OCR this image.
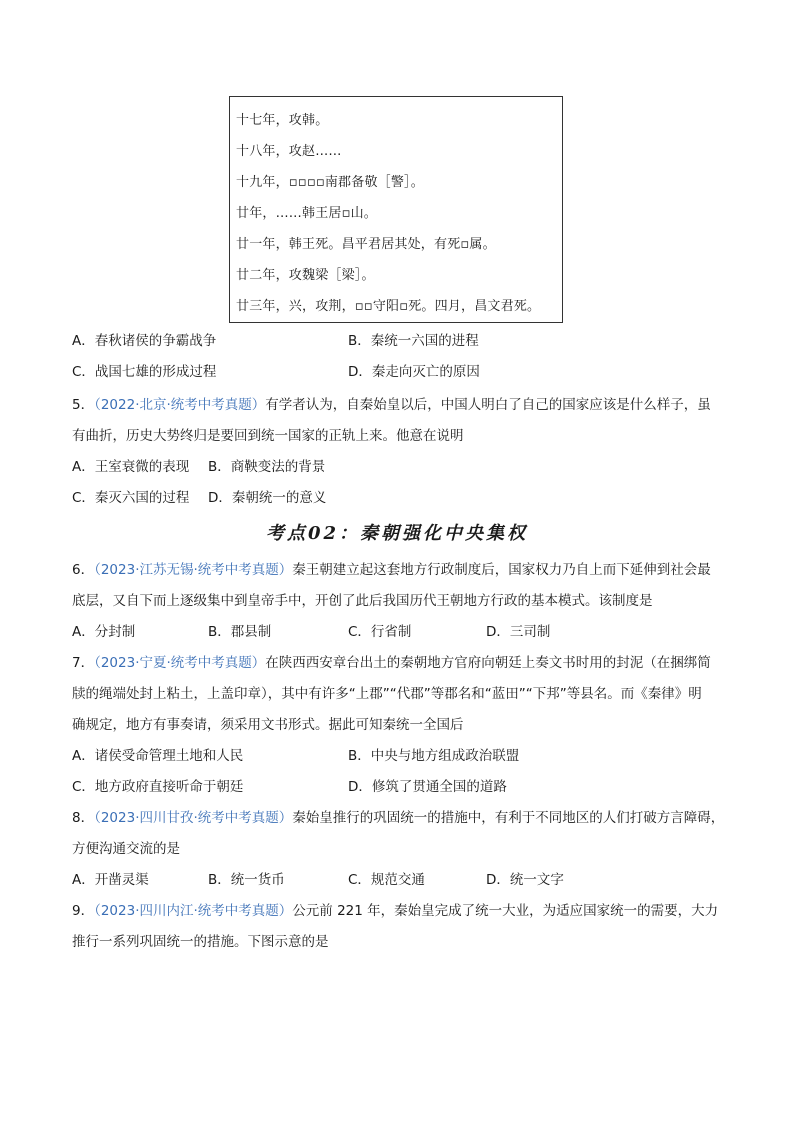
十七年，攻韩。
十八年，攻赵……
十九年，▫▫▫▫南郡备敬［警］。
廿年，……韩王居▫山。
廿一年，韩王死。昌平君居其处，有死▫属。
廿二年，攻魏梁［梁］。
廿三年，兴，攻荆，▫▫守阳▫死。四月，昌文君死。
A．春秋诸侯的争霸战争	B．秦统一六国的进程
C．战国七雄的形成过程	D．秦走向灭亡的原因
5．（2022·北京·统考中考真题）有学者认为，自秦始皇以后，中国人明白了自己的国家应该是什么样子，虽
有曲折，历史大势终归是要回到统一国家的正轨上来。他意在说明
A．王室衰微的表现 B．商鞅变法的背景
C．秦灭六国的过程 D．秦朝统一的意义
考点02：秦朝强化中央集权
6．（2023·江苏无锡·统考中考真题）秦王朝建立起这套地方行政制度后，国家权力乃自上而下延伸到社会最
底层，又自下而上逐级集中到皇帝手中，开创了此后我国历代王朝地方行政的基本模式。该制度是
A．分封制	B．郡县制	C．行省制	D．三司制
7．（2023·宁夏·统考中考真题）在陕西西安章台出土的秦朝地方官府向朝廷上奏文书时用的封泥（在捆绑简
牍的绳端处封上粘土，上盖印章），其中有许多“上郡”“代郡”等郡名和“蓝田”“下邦”等县名。而《秦律》明
确规定，地方有事奏请，须采用文书形式。据此可知秦统一全国后
A．诸侯受命管理土地和人民	B．中央与地方组成政治联盟
C．地方政府直接听命于朝廷	D．修筑了贯通全国的道路
8．（2023·四川甘孜·统考中考真题）秦始皇推行的巩固统一的措施中，有利于不同地区的人们打破方言障碍，
方便沟通交流的是
A．开凿灵渠	B．统一货币	C．规范交通	D．统一文字
9．（2023·四川内江·统考中考真题）公元前 221 年，秦始皇完成了统一大业，为适应国家统一的需要，大力
推行一系列巩固统一的措施。下图示意的是
